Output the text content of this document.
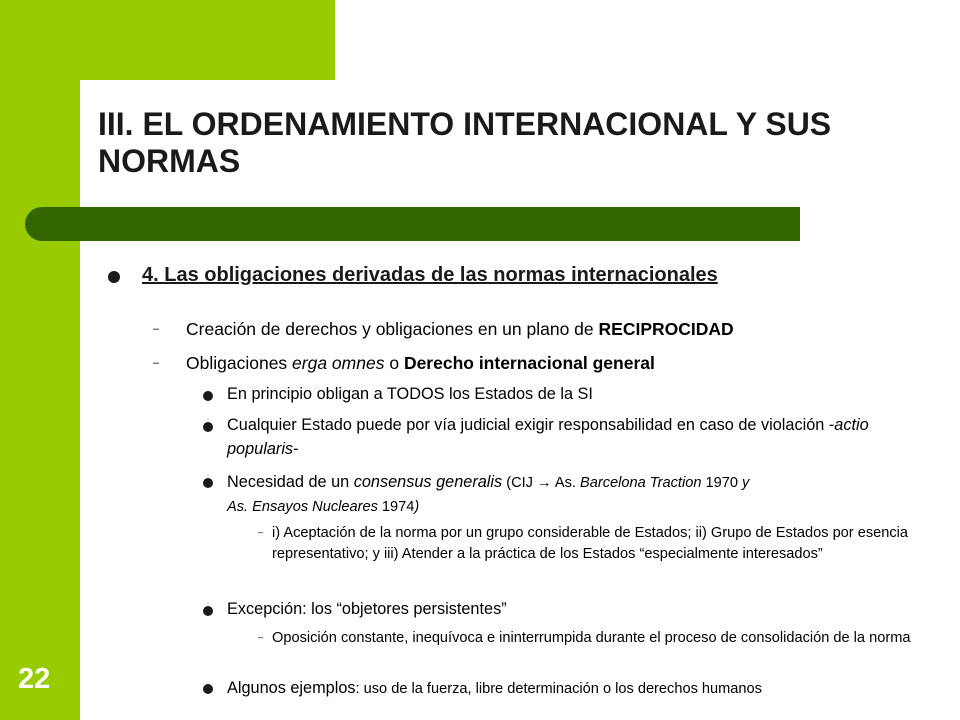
III. EL ORDENAMIENTO INTERNACIONAL Y SUS NORMAS
4. Las obligaciones derivadas de las normas internacionales
– Creación de derechos y obligaciones en un plano de RECIPROCIDAD
– Obligaciones erga omnes o Derecho internacional general
En principio obligan a TODOS los Estados de la SI
Cualquier Estado puede por vía judicial exigir responsabilidad en caso de violación -actio popularis-
Necesidad de un consensus generalis (CIJ → As. Barcelona Traction 1970 y
As. Ensayos Nucleares 1974)
– i) Aceptación de la norma por un grupo considerable de Estados; ii) Grupo de Estados por esencia representativo; y iii) Atender a la práctica de los Estados “especialmente interesados”
Excepción: los “objetores persistentes”
– Oposición constante, inequívoca e ininterrumpida durante el proceso de consolidación de la norma
Algunos ejemplos: uso de la fuerza, libre determinación o los derechos humanos
22
